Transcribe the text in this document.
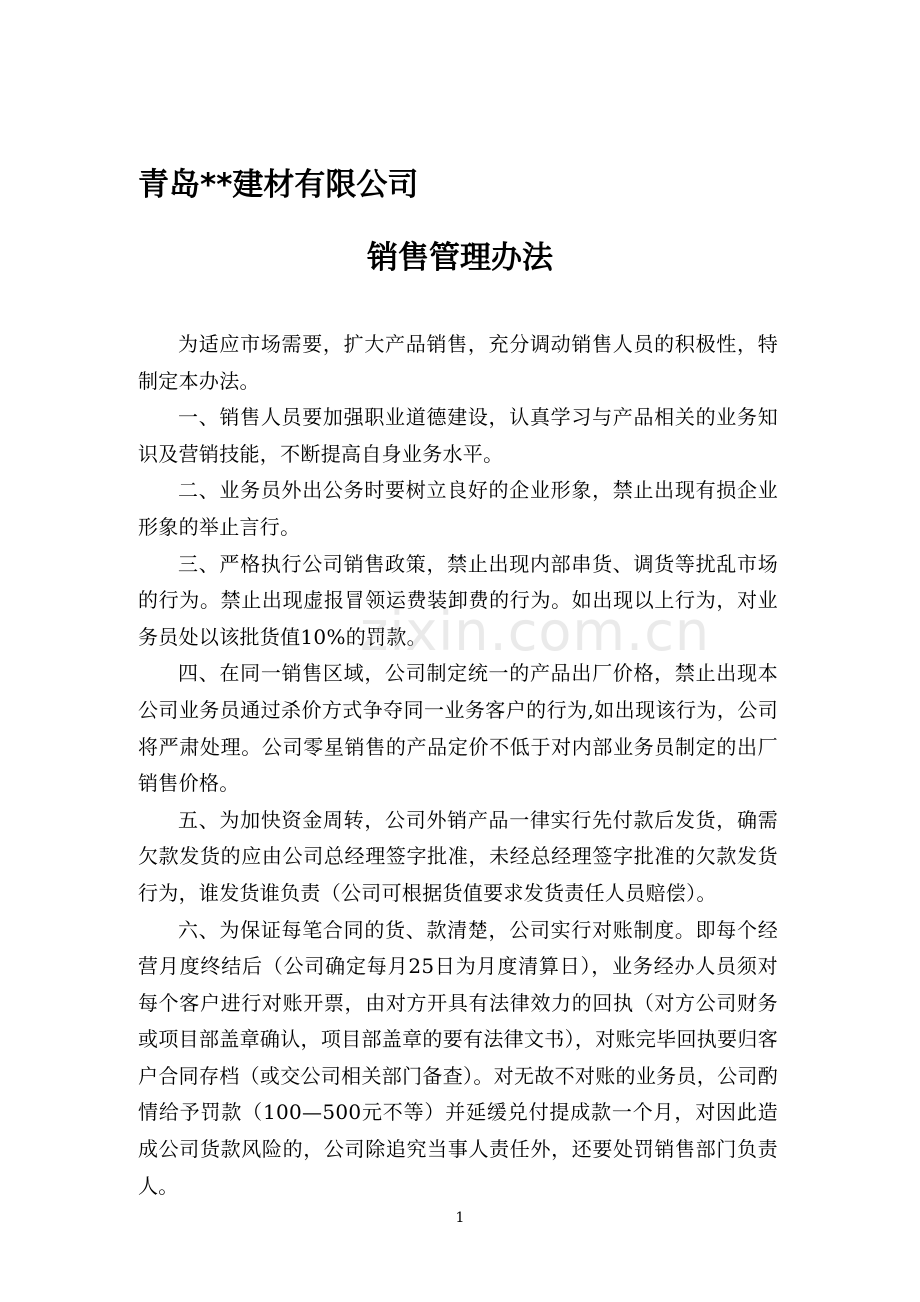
青岛**建材有限公司
销售管理办法

为适应市场需要，扩大产品销售，充分调动销售人员的积极性，特制定本办法。

一、销售人员要加强职业道德建设，认真学习与产品相关的业务知识及营销技能，不断提高自身业务水平。

二、业务员外出公务时要树立良好的企业形象，禁止出现有损企业形象的举止言行。

三、严格执行公司销售政策，禁止出现内部串货、调货等扰乱市场的行为。禁止出现虚报冒领运费装卸费的行为。如出现以上行为，对业务员处以该批货值10%的罚款。

四、在同一销售区域，公司制定统一的产品出厂价格，禁止出现本公司业务员通过杀价方式争夺同一业务客户的行为,如出现该行为，公司将严肃处理。公司零星销售的产品定价不低于对内部业务员制定的出厂销售价格。

五、为加快资金周转，公司外销产品一律实行先付款后发货，确需欠款发货的应由公司总经理签字批准，未经总经理签字批准的欠款发货行为，谁发货谁负责（公司可根据货值要求发货责任人员赔偿）。

六、为保证每笔合同的货、款清楚，公司实行对账制度。即每个经营月度终结后（公司确定每月25日为月度清算日），业务经办人员须对每个客户进行对账开票，由对方开具有法律效力的回执（对方公司财务或项目部盖章确认，项目部盖章的要有法律文书），对账完毕回执要归客户合同存档（或交公司相关部门备查）。对无故不对账的业务员，公司酌情给予罚款（100—500元不等）并延缓兑付提成款一个月，对因此造成公司货款风险的，公司除追究当事人责任外，还要处罚销售部门负责人。

zixin.com.cn
1
